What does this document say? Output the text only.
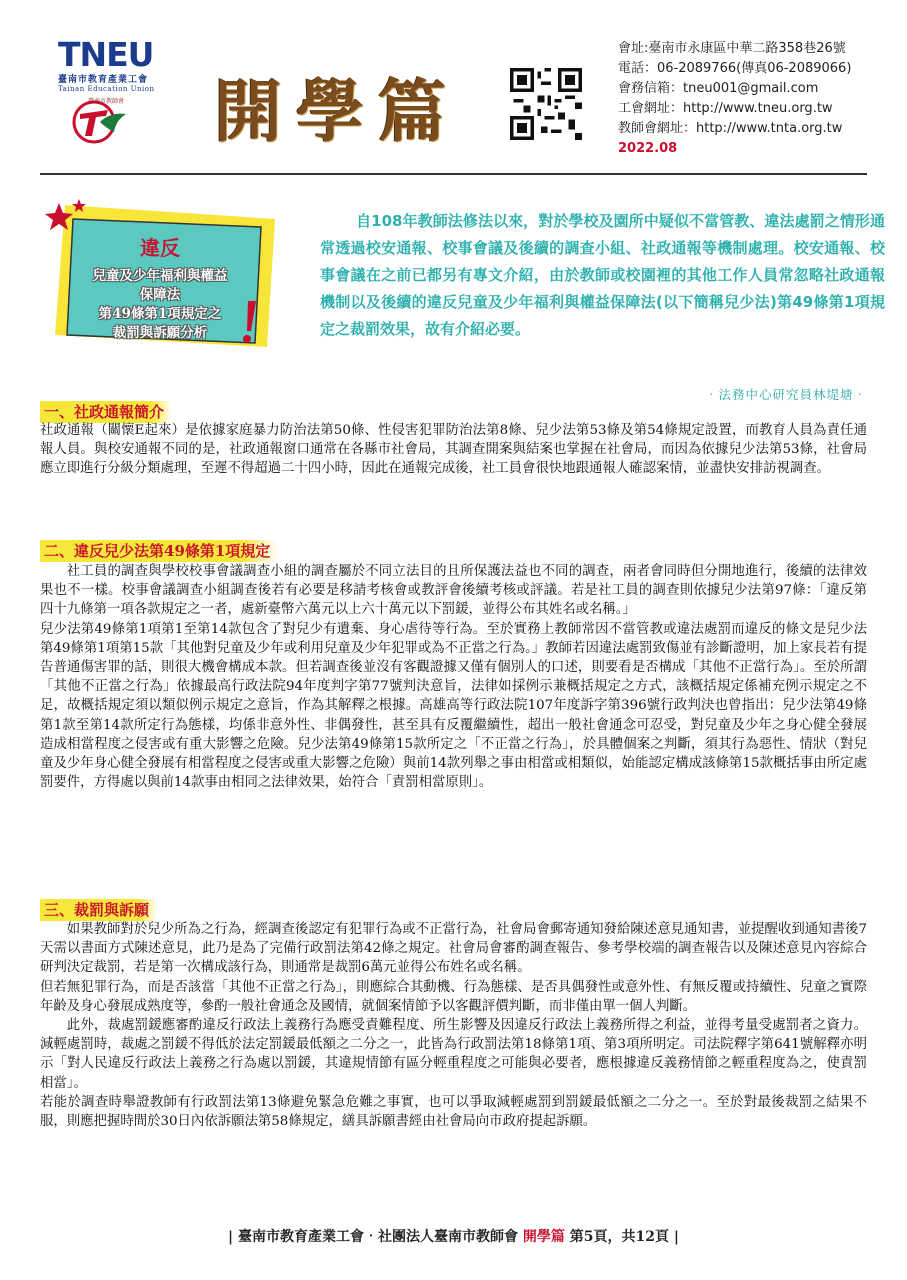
TNEU
臺南市教育產業工會
Tainan Education Union
臺南市教師會 開學篇
會址:臺南市永康區中華二路358巷26號
電話：06-2089766(傳真06-2089066)
會務信箱：tneu001@gmail.com
工會網址：http://www.tneu.org.tw
教師會網址：http://www.tnta.org.tw
2022.08
違反
兒童及少年福利與權益
保障法
第49條第1項規定之
裁罰與訴願分析
自108年教師法修法以來，對於學校及園所中疑似不當管教、違法處罰之情形通常透過校安通報、校事會議及後續的調查小組、社政通報等機制處理。校安通報、校事會議在之前已都另有專文介紹，由於教師或校園裡的其他工作人員常忽略社政通報機制以及後續的違反兒童及少年福利與權益保障法(以下簡稱兒少法)第49條第1項規定之裁罰效果，故有介紹必要。
‧法務中心研究員林堤塘‧
一、社政通報簡介

社政通報（關懷E起來）是依據家庭暴力防治法第50條、性侵害犯罪防治法第8條、兒少法第53條及第54條規定設置，而教育人員為責任通報人員。與校安通報不同的是，社政通報窗口通常在各縣市社會局，其調查開案與結案也掌握在社會局，而因為依據兒少法第53條，社會局應立即進行分級分類處理，至遲不得超過二十四小時，因此在通報完成後，社工員會很快地跟通報人確認案情，並盡快安排訪視調查。

二、違反兒少法第49條第1項規定

社工員的調查與學校校事會議調查小組的調查屬於不同立法目的且所保護法益也不同的調查，兩者會同時但分開地進行，後續的法律效果也不一樣。校事會議調查小組調查後若有必要是移請考核會或教評會後續考核或評議。若是社工員的調查則依據兒少法第97條：「違反第四十九條第一項各款規定之一者，處新臺幣六萬元以上六十萬元以下罰鍰，並得公布其姓名或名稱。」

兒少法第49條第1項第1至第14款包含了對兒少有遺棄、身心虐待等行為。至於實務上教師常因不當管教或違法處罰而違反的條文是兒少法第49條第1項第15款「其他對兒童及少年或利用兒童及少年犯罪或為不正當之行為。」教師若因違法處罰致傷並有診斷證明，加上家長若有提告普通傷害罪的話，則很大機會構成本款。但若調查後並沒有客觀證據又僅有個別人的口述，則要看是否構成「其他不正當行為」。至於所謂「其他不正當之行為」依據最高行政法院94年度判字第77號判決意旨，法律如採例示兼概括規定之方式，該概括規定係補充例示規定之不足，故概括規定須以類似例示規定之意旨，作為其解釋之根據。高雄高等行政法院107年度訴字第396號行政判決也曾指出：兒少法第49條第1款至第14款所定行為態樣，均係非意外性、非偶發性，甚至具有反覆繼續性，超出一般社會通念可忍受，對兒童及少年之身心健全發展造成相當程度之侵害或有重大影響之危險。兒少法第49條第15款所定之「不正當之行為」，於具體個案之判斷，須其行為惡性、情狀（對兒童及少年身心健全發展有相當程度之侵害或重大影響之危險）與前14款列舉之事由相當或相類似，始能認定構成該條第15款概括事由所定處罰要件，方得處以與前14款事由相同之法律效果，始符合「責罰相當原則」。

三、裁罰與訴願

如果教師對於兒少所為之行為，經調查後認定有犯罪行為或不正當行為，社會局會郵寄通知發給陳述意見通知書，並提醒收到通知書後7天需以書面方式陳述意見，此乃是為了完備行政罰法第42條之規定。社會局會審酌調查報告、參考學校端的調查報告以及陳述意見內容綜合研判決定裁罰，若是第一次構成該行為，則通常是裁罰6萬元並得公布姓名或名稱。

但若無犯罪行為，而是否該當「其他不正當之行為」，則應綜合其動機、行為態樣、是否具偶發性或意外性、有無反覆或持續性、兒童之實際年齡及身心發展成熟度等，參酌一般社會通念及國情，就個案情節予以客觀評價判斷，而非僅由單一個人判斷。

此外，裁處罰鍰應審酌違反行政法上義務行為應受責難程度、所生影響及因違反行政法上義務所得之利益，並得考量受處罰者之資力。減輕處罰時，裁處之罰鍰不得低於法定罰鍰最低額之二分之一，此皆為行政罰法第18條第1項、第3項所明定。司法院釋字第641號解釋亦明示「對人民違反行政法上義務之行為處以罰鍰，其違規情節有區分輕重程度之可能與必要者，應根據違反義務情節之輕重程度為之，使責罰相當」。

若能於調查時舉證教師有行政罰法第13條避免緊急危難之事實，也可以爭取減輕處罰到罰鍰最低額之二分之一。至於對最後裁罰之結果不服，則應把握時間於30日內依訴願法第58條規定，繕具訴願書經由社會局向市政府提起訴願。

| 臺南市教育產業工會‧社團法人臺南市教師會 開學篇 第5頁，共12頁 |
